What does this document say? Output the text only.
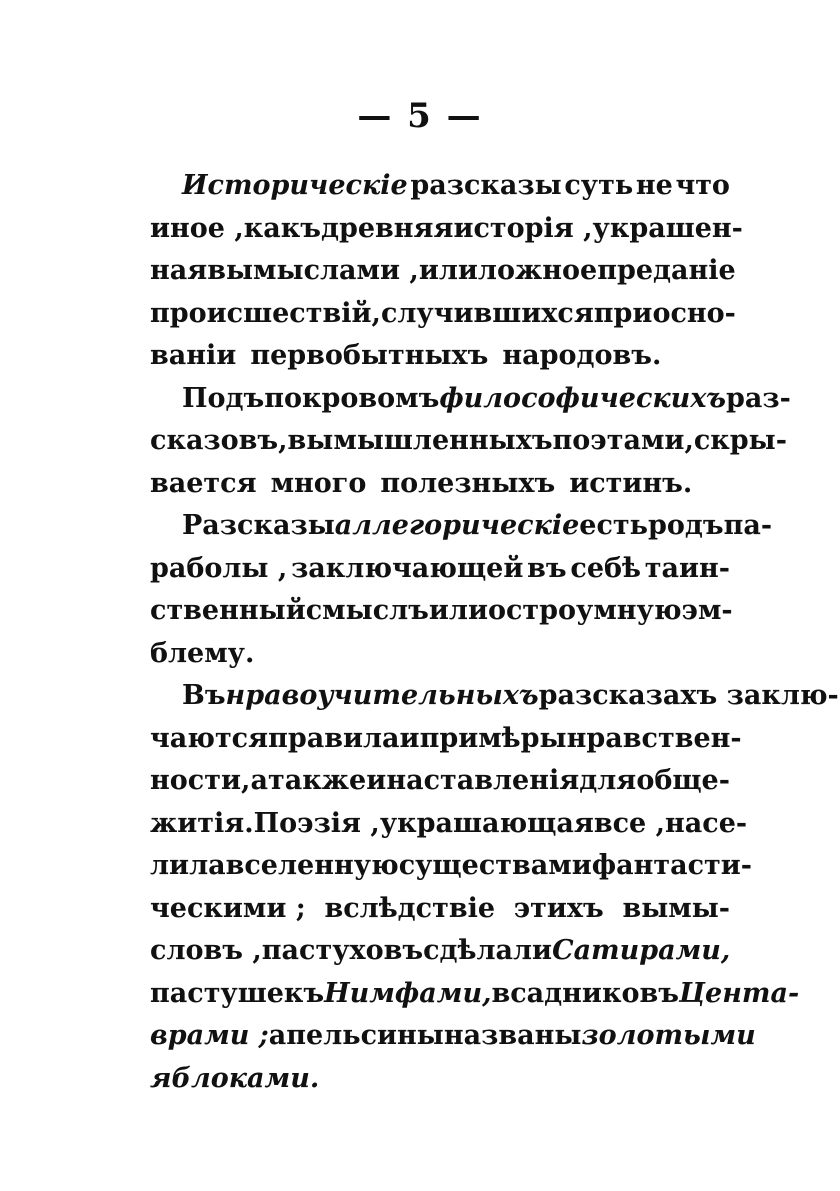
— 5 —
Историческіе разсказы суть не что
иное , какъ древняя исторія , украшен-
ная вымыслами , или ложное преданіе
происшествій, случившихся при осно-
ваніи первобытныхъ народовъ.
Подъ покровомъ философическихъ раз-
сказовъ, вымышленныхъ поэтами, скры-
вается много полезныхъ истинъ.
Разсказы аллегорическіе есть родъ па-
раболы , заключающей въ себѣ таин-
ственный смыслъ или остроумную эм-
блему.
Въ нравоучительныхъ разсказахъ заклю-
чаются правила и примѣры нравствен-
ности, а также и наставленія для обще-
житія. Поэзія , украшающая все , насе-
лила вселенную существами фантасти-
ческими ; вслѣдствіе этихъ вымы-
словъ , пастуховъ сдѣлали Сатирами,
пастушекъ Нимфами, всадниковъ Цента-
врами ; апельсины названы золотыми
яблоками.
